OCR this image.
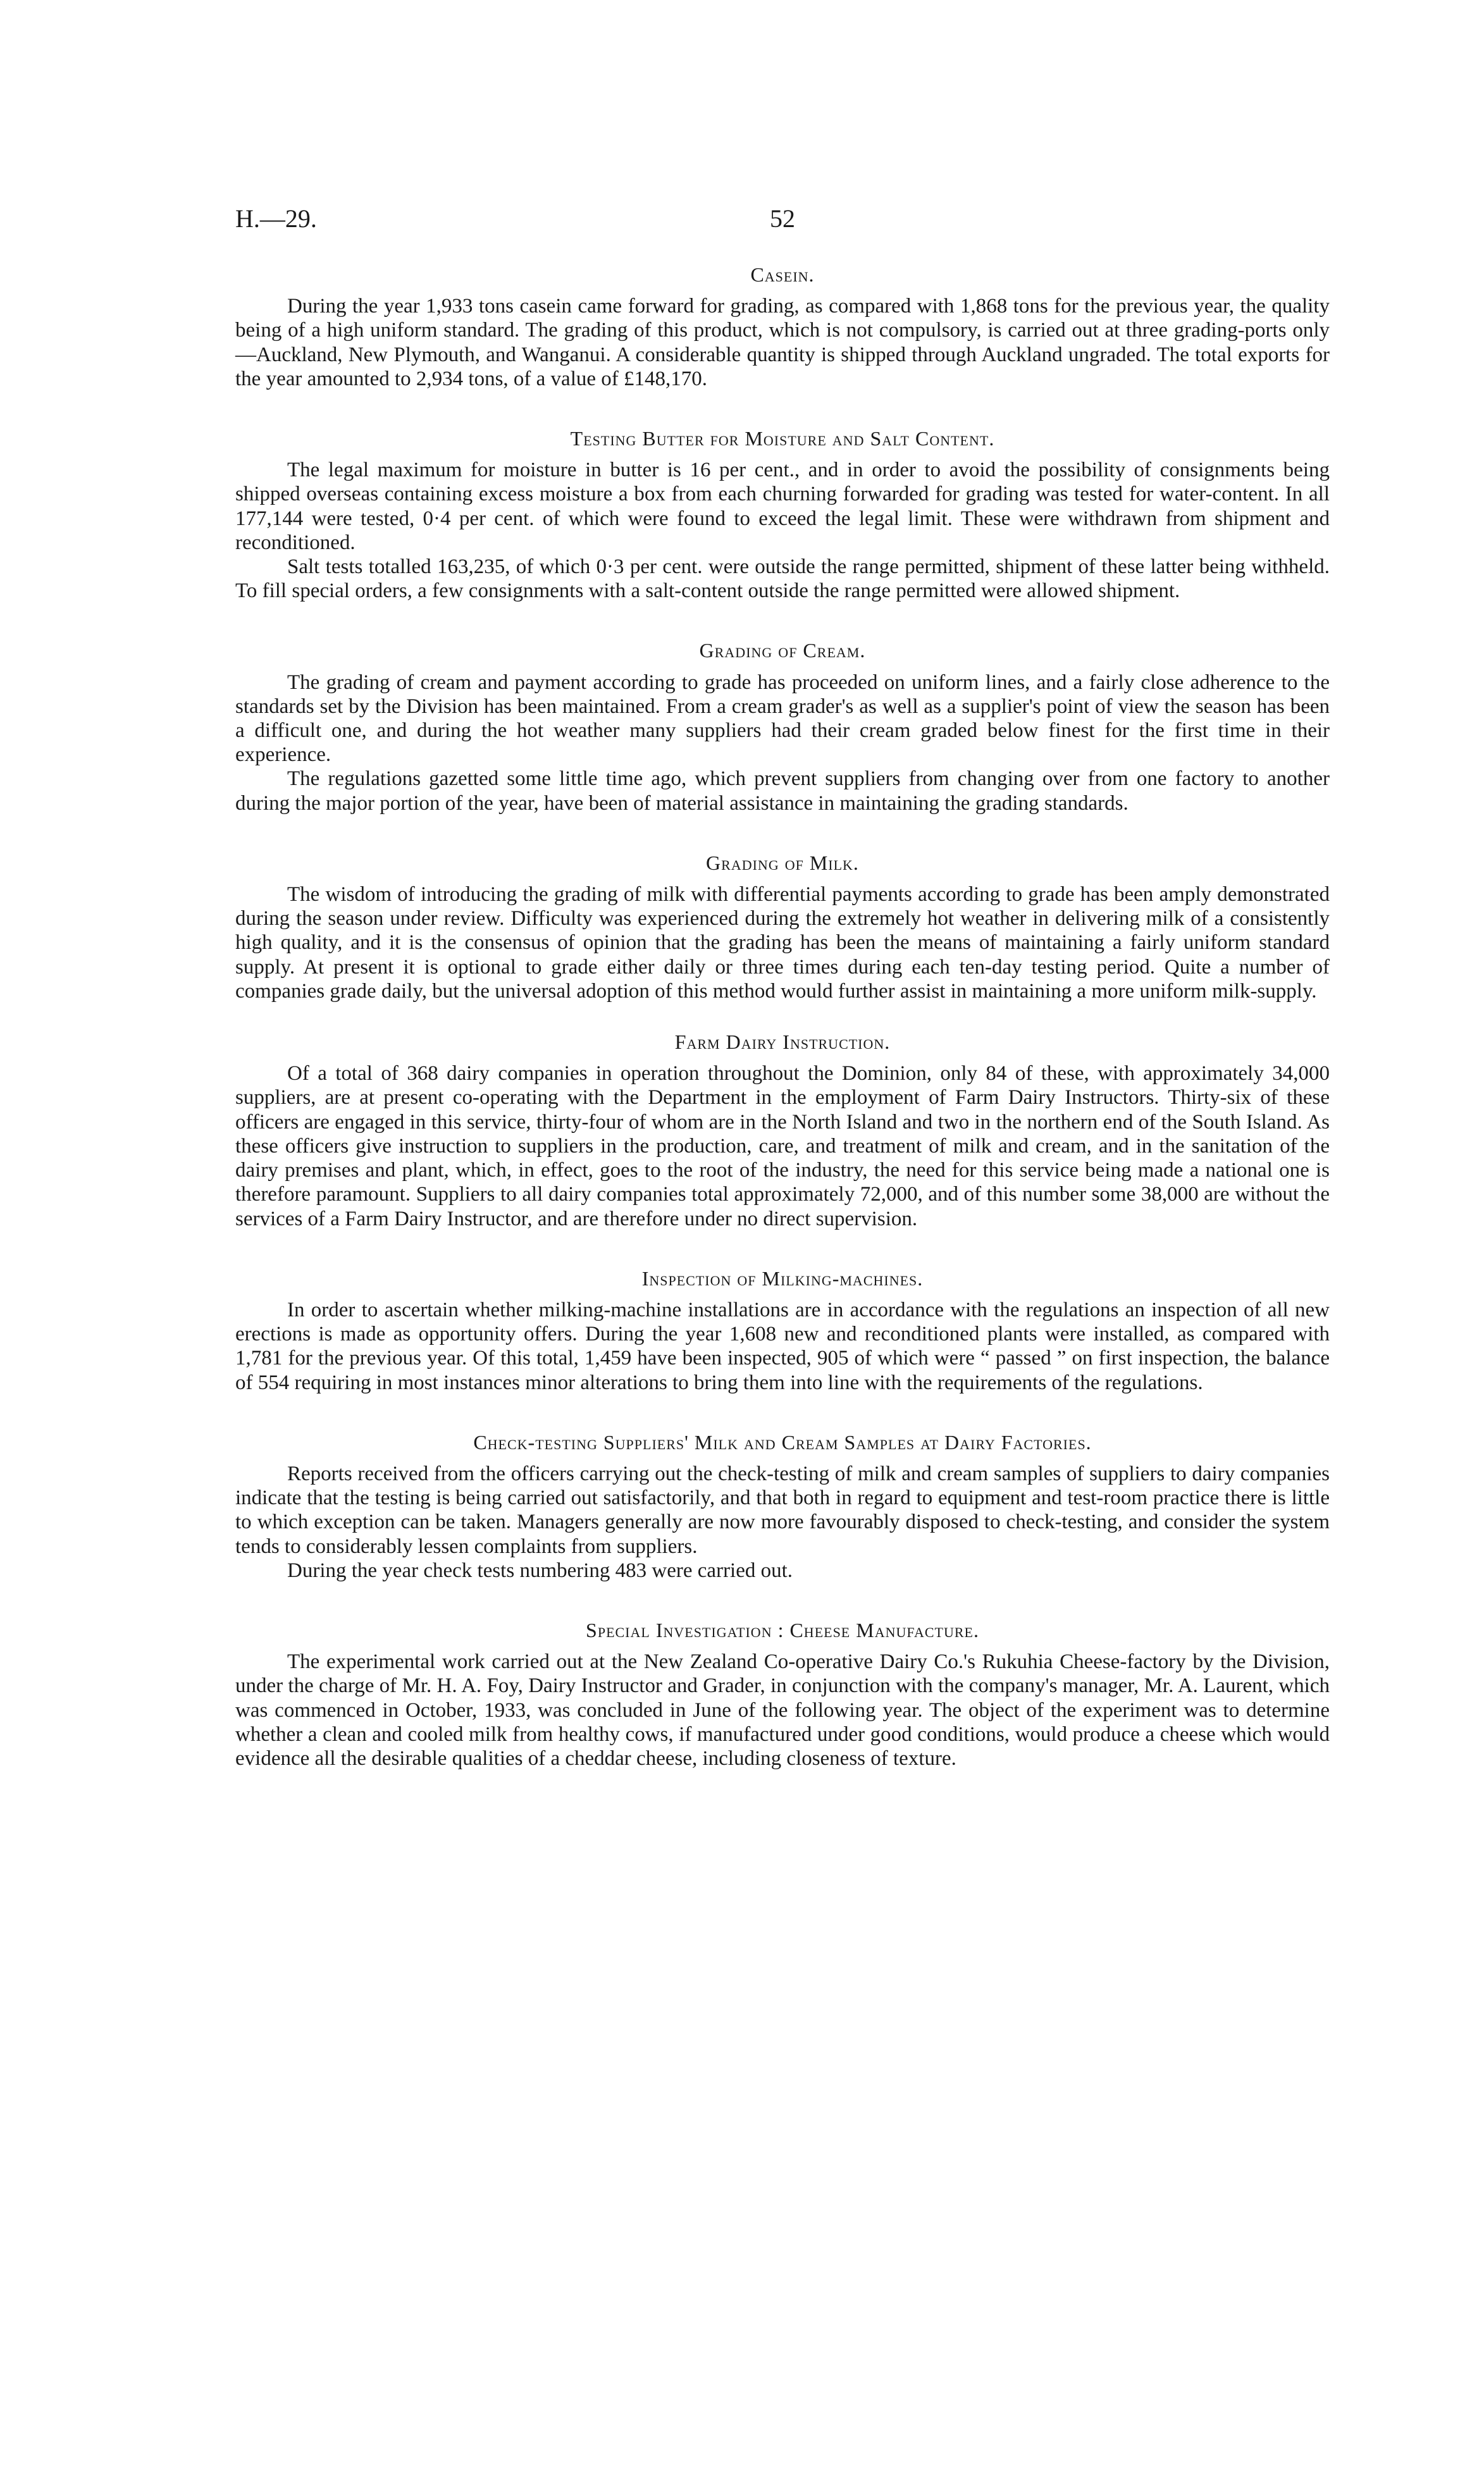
H.—29.	52
Casein.

During the year 1,933 tons casein came forward for grading, as compared with 1,868 tons for the previous year, the quality being of a high uniform standard. The grading of this product, which is not compulsory, is carried out at three grading-ports only—Auckland, New Plymouth, and Wanganui. A considerable quantity is shipped through Auckland ungraded. The total exports for the year amounted to 2,934 tons, of a value of £148,170.

Testing Butter for Moisture and Salt Content.

The legal maximum for moisture in butter is 16 per cent., and in order to avoid the possibility of consignments being shipped overseas containing excess moisture a box from each churning forwarded for grading was tested for water-content. In all 177,144 were tested, 0·4 per cent. of which were found to exceed the legal limit. These were withdrawn from shipment and reconditioned.

Salt tests totalled 163,235, of which 0·3 per cent. were outside the range permitted, shipment of these latter being withheld. To fill special orders, a few consignments with a salt-content outside the range permitted were allowed shipment.

Grading of Cream.

The grading of cream and payment according to grade has proceeded on uniform lines, and a fairly close adherence to the standards set by the Division has been maintained. From a cream grader's as well as a supplier's point of view the season has been a difficult one, and during the hot weather many suppliers had their cream graded below finest for the first time in their experience.

The regulations gazetted some little time ago, which prevent suppliers from changing over from one factory to another during the major portion of the year, have been of material assistance in maintaining the grading standards.

Grading of Milk.

The wisdom of introducing the grading of milk with differential payments according to grade has been amply demonstrated during the season under review. Difficulty was experienced during the extremely hot weather in delivering milk of a consistently high quality, and it is the consensus of opinion that the grading has been the means of maintaining a fairly uniform standard supply. At present it is optional to grade either daily or three times during each ten-day testing period. Quite a number of companies grade daily, but the universal adoption of this method would further assist in maintaining a more uniform milk-supply.

Farm Dairy Instruction.

Of a total of 368 dairy companies in operation throughout the Dominion, only 84 of these, with approximately 34,000 suppliers, are at present co-operating with the Department in the employment of Farm Dairy Instructors. Thirty-six of these officers are engaged in this service, thirty-four of whom are in the North Island and two in the northern end of the South Island. As these officers give instruction to suppliers in the production, care, and treatment of milk and cream, and in the sanitation of the dairy premises and plant, which, in effect, goes to the root of the industry, the need for this service being made a national one is therefore paramount. Suppliers to all dairy companies total approximately 72,000, and of this number some 38,000 are without the services of a Farm Dairy Instructor, and are therefore under no direct supervision.

Inspection of Milking-machines.

In order to ascertain whether milking-machine installations are in accordance with the regulations an inspection of all new erections is made as opportunity offers. During the year 1,608 new and reconditioned plants were installed, as compared with 1,781 for the previous year. Of this total, 1,459 have been inspected, 905 of which were “ passed ” on first inspection, the balance of 554 requiring in most instances minor alterations to bring them into line with the requirements of the regulations.

Check-testing Suppliers' Milk and Cream Samples at Dairy Factories.

Reports received from the officers carrying out the check-testing of milk and cream samples of suppliers to dairy companies indicate that the testing is being carried out satisfactorily, and that both in regard to equipment and test-room practice there is little to which exception can be taken. Managers generally are now more favourably disposed to check-testing, and consider the system tends to considerably lessen complaints from suppliers.

During the year check tests numbering 483 were carried out.

Special Investigation : Cheese Manufacture.

The experimental work carried out at the New Zealand Co-operative Dairy Co.'s Rukuhia Cheese-factory by the Division, under the charge of Mr. H. A. Foy, Dairy Instructor and Grader, in conjunction with the company's manager, Mr. A. Laurent, which was commenced in October, 1933, was concluded in June of the following year. The object of the experiment was to determine whether a clean and cooled milk from healthy cows, if manufactured under good conditions, would produce a cheese which would evidence all the desirable qualities of a cheddar cheese, including closeness of texture.
